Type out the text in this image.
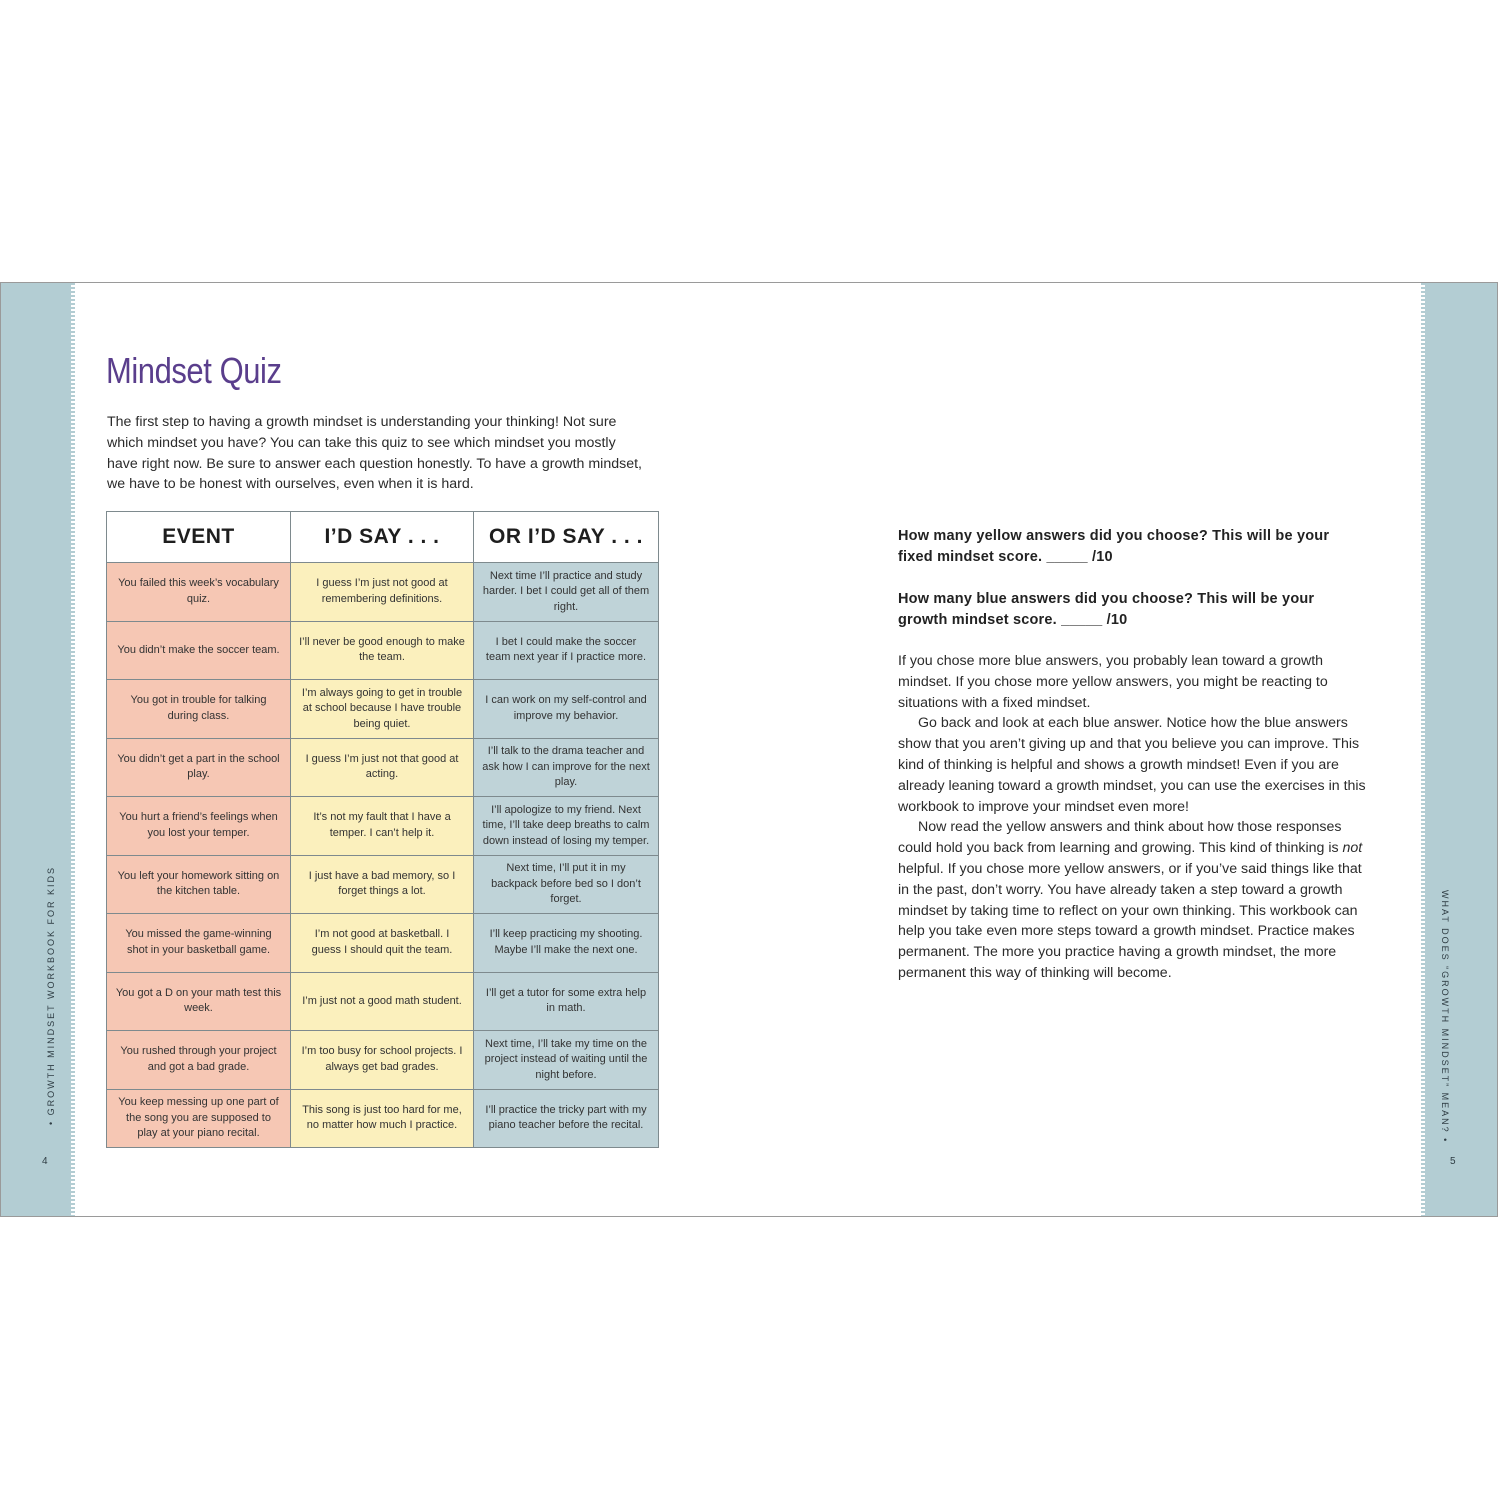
• GROWTH MINDSET WORKBOOK FOR KIDS
4
WHAT DOES “GROWTH MINDSET” MEAN? •
5
Mindset Quiz

The first step to having a growth mindset is understanding your thinking! Not sure which mindset you have? You can take this quiz to see which mindset you mostly have right now. Be sure to answer each question honestly. To have a growth mindset, we have to be honest with ourselves, even when it is hard.

EVENT	I’D SAY . . .	OR I’D SAY . . .
You failed this week’s vocabulary quiz.	I guess I’m just not good at remembering definitions.	Next time I’ll practice and study harder. I bet I could get all of them right.
You didn’t make the soccer team.	I’ll never be good enough to make the team.	I bet I could make the soccer team next year if I practice more.
You got in trouble for talking during class.	I’m always going to get in trouble at school because I have trouble being quiet.	I can work on my self-control and improve my behavior.
You didn’t get a part in the school play.	I guess I’m just not that good at acting.	I’ll talk to the drama teacher and ask how I can improve for the next play.
You hurt a friend’s feelings when you lost your temper.	It’s not my fault that I have a temper. I can’t help it.	I’ll apologize to my friend. Next time, I’ll take deep breaths to calm down instead of losing my temper.
You left your homework sitting on the kitchen table.	I just have a bad memory, so I forget things a lot.	Next time, I’ll put it in my backpack before bed so I don’t forget.
You missed the game-winning shot in your basketball game.	I’m not good at basketball. I guess I should quit the team.	I’ll keep practicing my shooting. Maybe I’ll make the next one.
You got a D on your math test this week.	I’m just not a good math student.	I’ll get a tutor for some extra help in math.
You rushed through your project and got a bad grade.	I’m too busy for school projects. I always get bad grades.	Next time, I’ll take my time on the project instead of waiting until the night before.
You keep messing up one part of the song you are supposed to play at your piano recital.	This song is just too hard for me, no matter how much I practice.	I’ll practice the tricky part with my piano teacher before the recital.

How many yellow answers did you choose? This will be your fixed mindset score. _____ /10

How many blue answers did you choose? This will be your growth mindset score. _____ /10

If you chose more blue answers, you probably lean toward a growth mindset. If you chose more yellow answers, you might be reacting to situations with a fixed mindset.

Go back and look at each blue answer. Notice how the blue answers show that you aren’t giving up and that you believe you can improve. This kind of thinking is helpful and shows a growth mindset! Even if you are already leaning toward a growth mindset, you can use the exercises in this workbook to improve your mindset even more!

Now read the yellow answers and think about how those responses could hold you back from learning and growing. This kind of thinking is not helpful. If you chose more yellow answers, or if you’ve said things like that in the past, don’t worry. You have already taken a step toward a growth mindset by taking time to reflect on your own thinking. This workbook can help you take even more steps toward a growth mindset. Practice makes permanent. The more you practice having a growth mindset, the more permanent this way of thinking will become.
